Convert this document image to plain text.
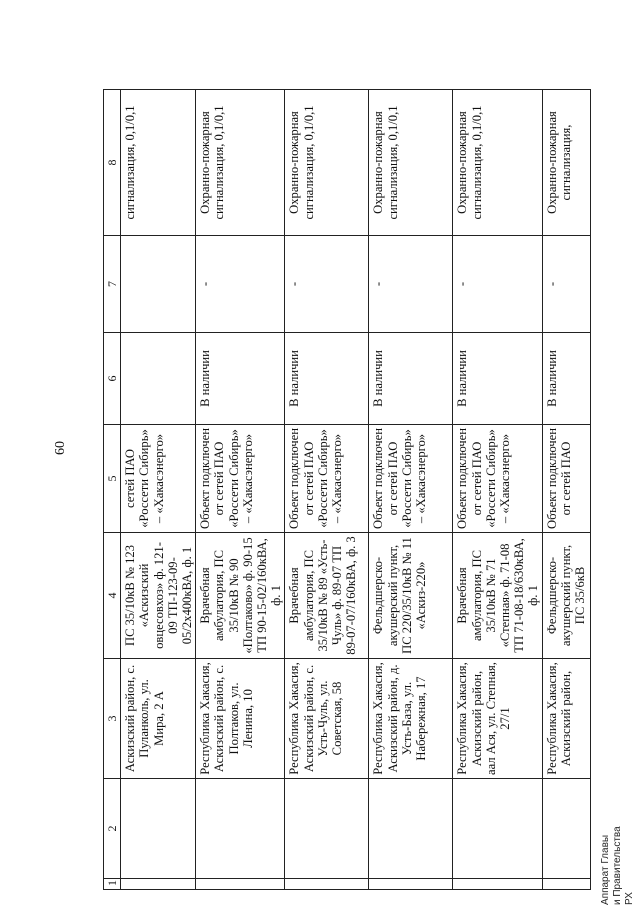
60
1	2	3	4	5	6	7	8
		Аскизский район, с. Пуланколь, ул. Мира, 2 А	ПС 35/10кВ № 123 «Аскизский овцесовхоз» ф. 121-09 ТП-123-09-05/2х400кВА, ф. 1	сетей ПАО «Россети Сибирь» – «Хакасэнерго»			сигнализация, 0,1/0,1
		Республика Хакасия, Аскизский район, с. Полтаков, ул. Ленина, 10	Врачебная амбулатория, ПС 35/10кВ № 90 «Полтаково» ф. 90-15 ТП 90-15-02/160кВА, ф. 1	Объект подключен от сетей ПАО «Россети Сибирь» – «Хакасэнерго»	В наличии	-	Охранно-пожарная сигнализация, 0,1/0,1
		Республика Хакасия, Аскизский район, с. Усть-Чуль, ул. Советская, 58	Врачебная амбулатория, ПС 35/10кВ № 89 «Усть-Чуль» ф. 89-07 ТП 89-07-07/160кВА, ф. 3	Объект подключен от сетей ПАО «Россети Сибирь» – «Хакасэнерго»	В наличии	-	Охранно-пожарная сигнализация, 0,1/0,1
		Республика Хакасия, Аскизский район, д. Усть-База, ул. Набережная, 17	Фельдшерско-акушерский пункт, ПС 220/35/10кВ № 11 «Аскиз-220»	Объект подключен от сетей ПАО «Россети Сибирь» – «Хакасэнерго»	В наличии	-	Охранно-пожарная сигнализация, 0,1/0,1
		Республика Хакасия, Аскизский район, аал Ася, ул. Степная, 27/1	Врачебная амбулатория, ПС 35/10кВ № 71 «Степная» ф. 71-08 ТП 71-08-18/630кВА, ф. 1	Объект подключен от сетей ПАО «Россети Сибирь» – «Хакасэнерго»	В наличии	-	Охранно-пожарная сигнализация, 0,1/0,1
		Республика Хакасия, Аскизский район,	Фельдшерско-акушерский пункт, ПС 35/6кВ	Объект подключен от сетей ПАО	В наличии	-	Охранно-пожарная сигнализация,
Аппарат Главы и Правительства РХ
